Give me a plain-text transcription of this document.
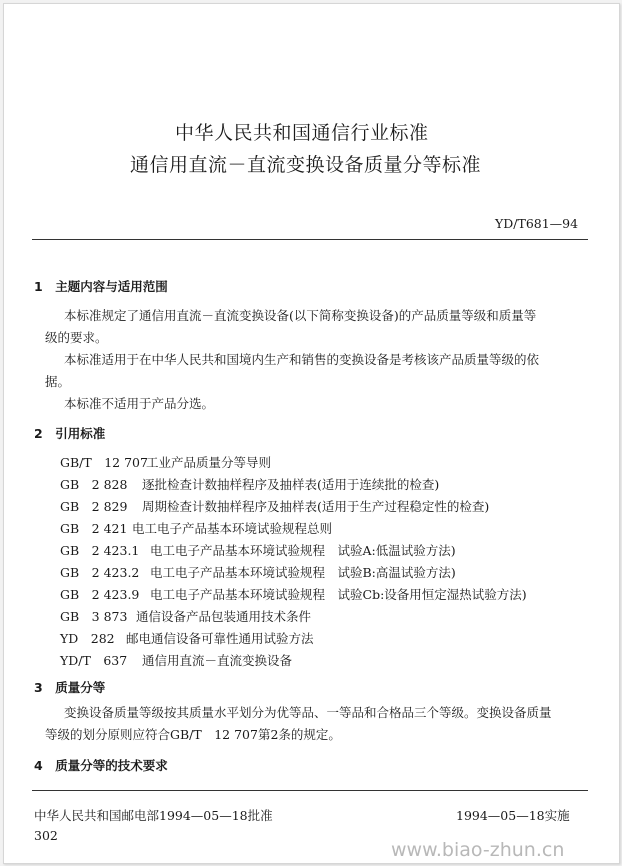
中华人民共和国通信行业标准
通信用直流－直流变换设备质量分等标准
YD/T681—94
1　主题内容与适用范围
本标准规定了通信用直流－直流变换设备(以下简称变换设备)的产品质量等级和质量等
级的要求。
本标准适用于在中华人民共和国境内生产和销售的变换设备是考核该产品质量等级的依
据。
本标准不适用于产品分选。
2　引用标准
GB/T　12 707工业产品质量分等导则
GB　2 828 逐批检查计数抽样程序及抽样表(适用于连续批的检查)
GB　2 829 周期检查计数抽样程序及抽样表(适用于生产过程稳定性的检查)
GB　2 421 电工电子产品基本环境试验规程总则
GB　2 423.1 电工电子产品基本环境试验规程　试验A:低温试验方法)
GB　2 423.2 电工电子产品基本环境试验规程　试验B:高温试验方法)
GB　2 423.9 电工电子产品基本环境试验规程　试验Cb:设备用恒定湿热试验方法)
GB　3 873 通信设备产品包装通用技术条件
YD　282 邮电通信设备可靠性通用试验方法
YD/T　637 通信用直流－直流变换设备
3　质量分等
变换设备质量等级按其质量水平划分为优等品、一等品和合格品三个等级。变换设备质量
等级的划分原则应符合GB/T　12 707第2条的规定。
4　质量分等的技术要求
中华人民共和国邮电部1994—05—18批准	1994—05—18实施
302
www.biao-zhun.cn
